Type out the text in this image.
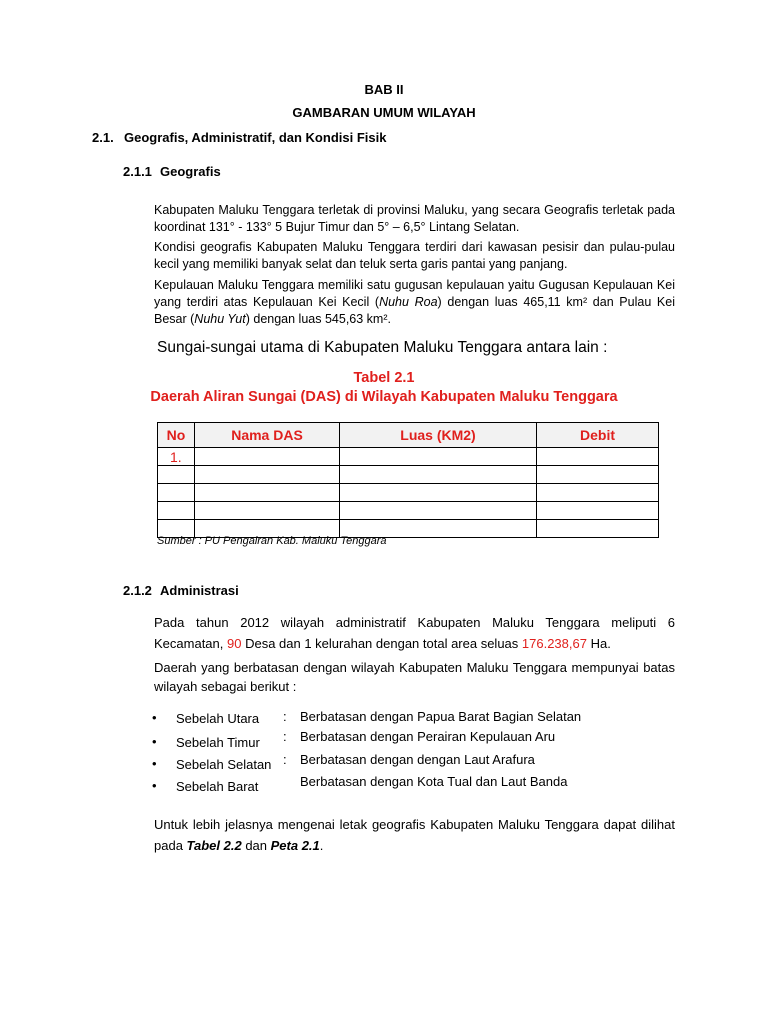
BAB II

GAMBARAN UMUM WILAYAH

2.1. Geografis, Administratif, dan Kondisi Fisik

2.1.1 Geografis

Kabupaten Maluku Tenggara terletak di provinsi Maluku, yang secara Geografis terletak pada koordinat 131° - 133° 5 Bujur Timur dan 5° – 6,5° Lintang Selatan.

Kondisi geografis Kabupaten Maluku Tenggara terdiri dari kawasan pesisir dan pulau-pulau kecil yang memiliki banyak selat dan teluk serta garis pantai yang panjang.

Kepulauan Maluku Tenggara memiliki satu gugusan kepulauan yaitu Gugusan Kepulauan Kei yang terdiri atas Kepulauan Kei Kecil (Nuhu Roa) dengan luas 465,11 km² dan Pulau Kei Besar (Nuhu Yut) dengan luas 545,63 km².

Sungai-sungai utama di Kabupaten Maluku Tenggara antara lain :

Tabel 2.1

Daerah Aliran Sungai (DAS) di Wilayah Kabupaten Maluku Tenggara

No	Nama DAS	Luas (KM2)	Debit
1.			

Sumber : PU Pengairan Kab. Maluku Tenggara

2.1.2 Administrasi

Pada tahun 2012 wilayah administratif Kabupaten Maluku Tenggara meliputi 6 Kecamatan, 90 Desa dan 1 kelurahan dengan total area seluas 176.238,67 Ha.

Daerah yang berbatasan dengan wilayah Kabupaten Maluku Tenggara mempunyai batas wilayah sebagai berikut :

• Sebelah Utara : Berbatasan dengan Papua Barat Bagian Selatan
• Sebelah Timur : Berbatasan dengan Perairan Kepulauan Aru
• Sebelah Selatan : Berbatasan dengan dengan Laut Arafura
• Sebelah Barat	Berbatasan dengan Kota Tual dan Laut Banda

Untuk lebih jelasnya mengenai letak geografis Kabupaten Maluku Tenggara dapat dilihat pada Tabel 2.2 dan Peta 2.1.
